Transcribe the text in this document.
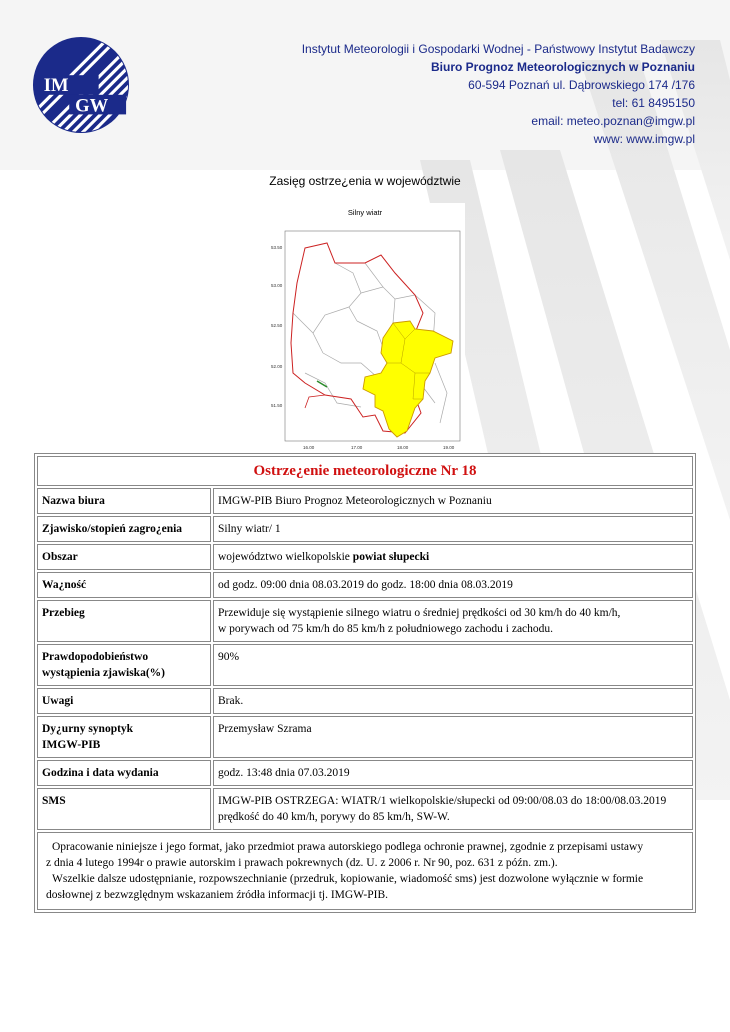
IM
GW
Instytut Meteorologii i Gospodarki Wodnej - Państwowy Instytut Badawczy
Biuro Prognoz Meteorologicznych w Poznaniu
60-594 Poznań ul. Dąbrowskiego 174 /176
tel: 61 8495150
email: meteo.poznan@imgw.pl
www: www.imgw.pl
Zasięg ostrze¿enia w województwie
Silny wiatr
53.50
53.00
52.50
52.00
51.50
16.00	17.00	18.00	19.00
Ostrze¿enie meteorologiczne Nr 18	
Nazwa biura	IMGW-PIB Biuro Prognoz Meteorologicznych w Poznaniu
Zjawisko/stopień zagro¿enia	Silny wiatr/ 1
Obszar	województwo wielkopolskie powiat słupecki
Wa¿ność	od godz. 09:00 dnia 08.03.2019 do godz. 18:00 dnia 08.03.2019
Przebieg	Przewiduje się wystąpienie silnego wiatru o średniej prędkości od 30 km/h do 40 km/h,
w porywach od 75 km/h do 85 km/h z południowego zachodu i zachodu.

Prawdopodobieństwo
wystąpienia zjawiska(%)	90%
Uwagi	Brak.

Dy¿urny synoptyk
IMGW-PIB	Przemysław Szrama
Godzina i data wydania	godz. 13:48 dnia 07.03.2019
SMS	IMGW-PIB OSTRZEGA: WIATR/1 wielkopolskie/słupecki od 09:00/08.03 do 18:00/08.03.2019
prędkość do 40 km/h, porywy do 85 km/h, SW-W.

Opracowanie niniejsze i jego format, jako przedmiot prawa autorskiego podlega ochronie prawnej, zgodnie z przepisami ustawy
z dnia 4 lutego 1994r o prawie autorskim i prawach pokrewnych (dz. U. z 2006 r. Nr 90, poz. 631 z późn. zm.).
Wszelkie dalsze udostępnianie, rozpowszechnianie (przedruk, kopiowanie, wiadomość sms) jest dozwolone wyłącznie w formie
dosłownej z bezwzględnym wskazaniem źródła informacji tj. IMGW-PIB.	
